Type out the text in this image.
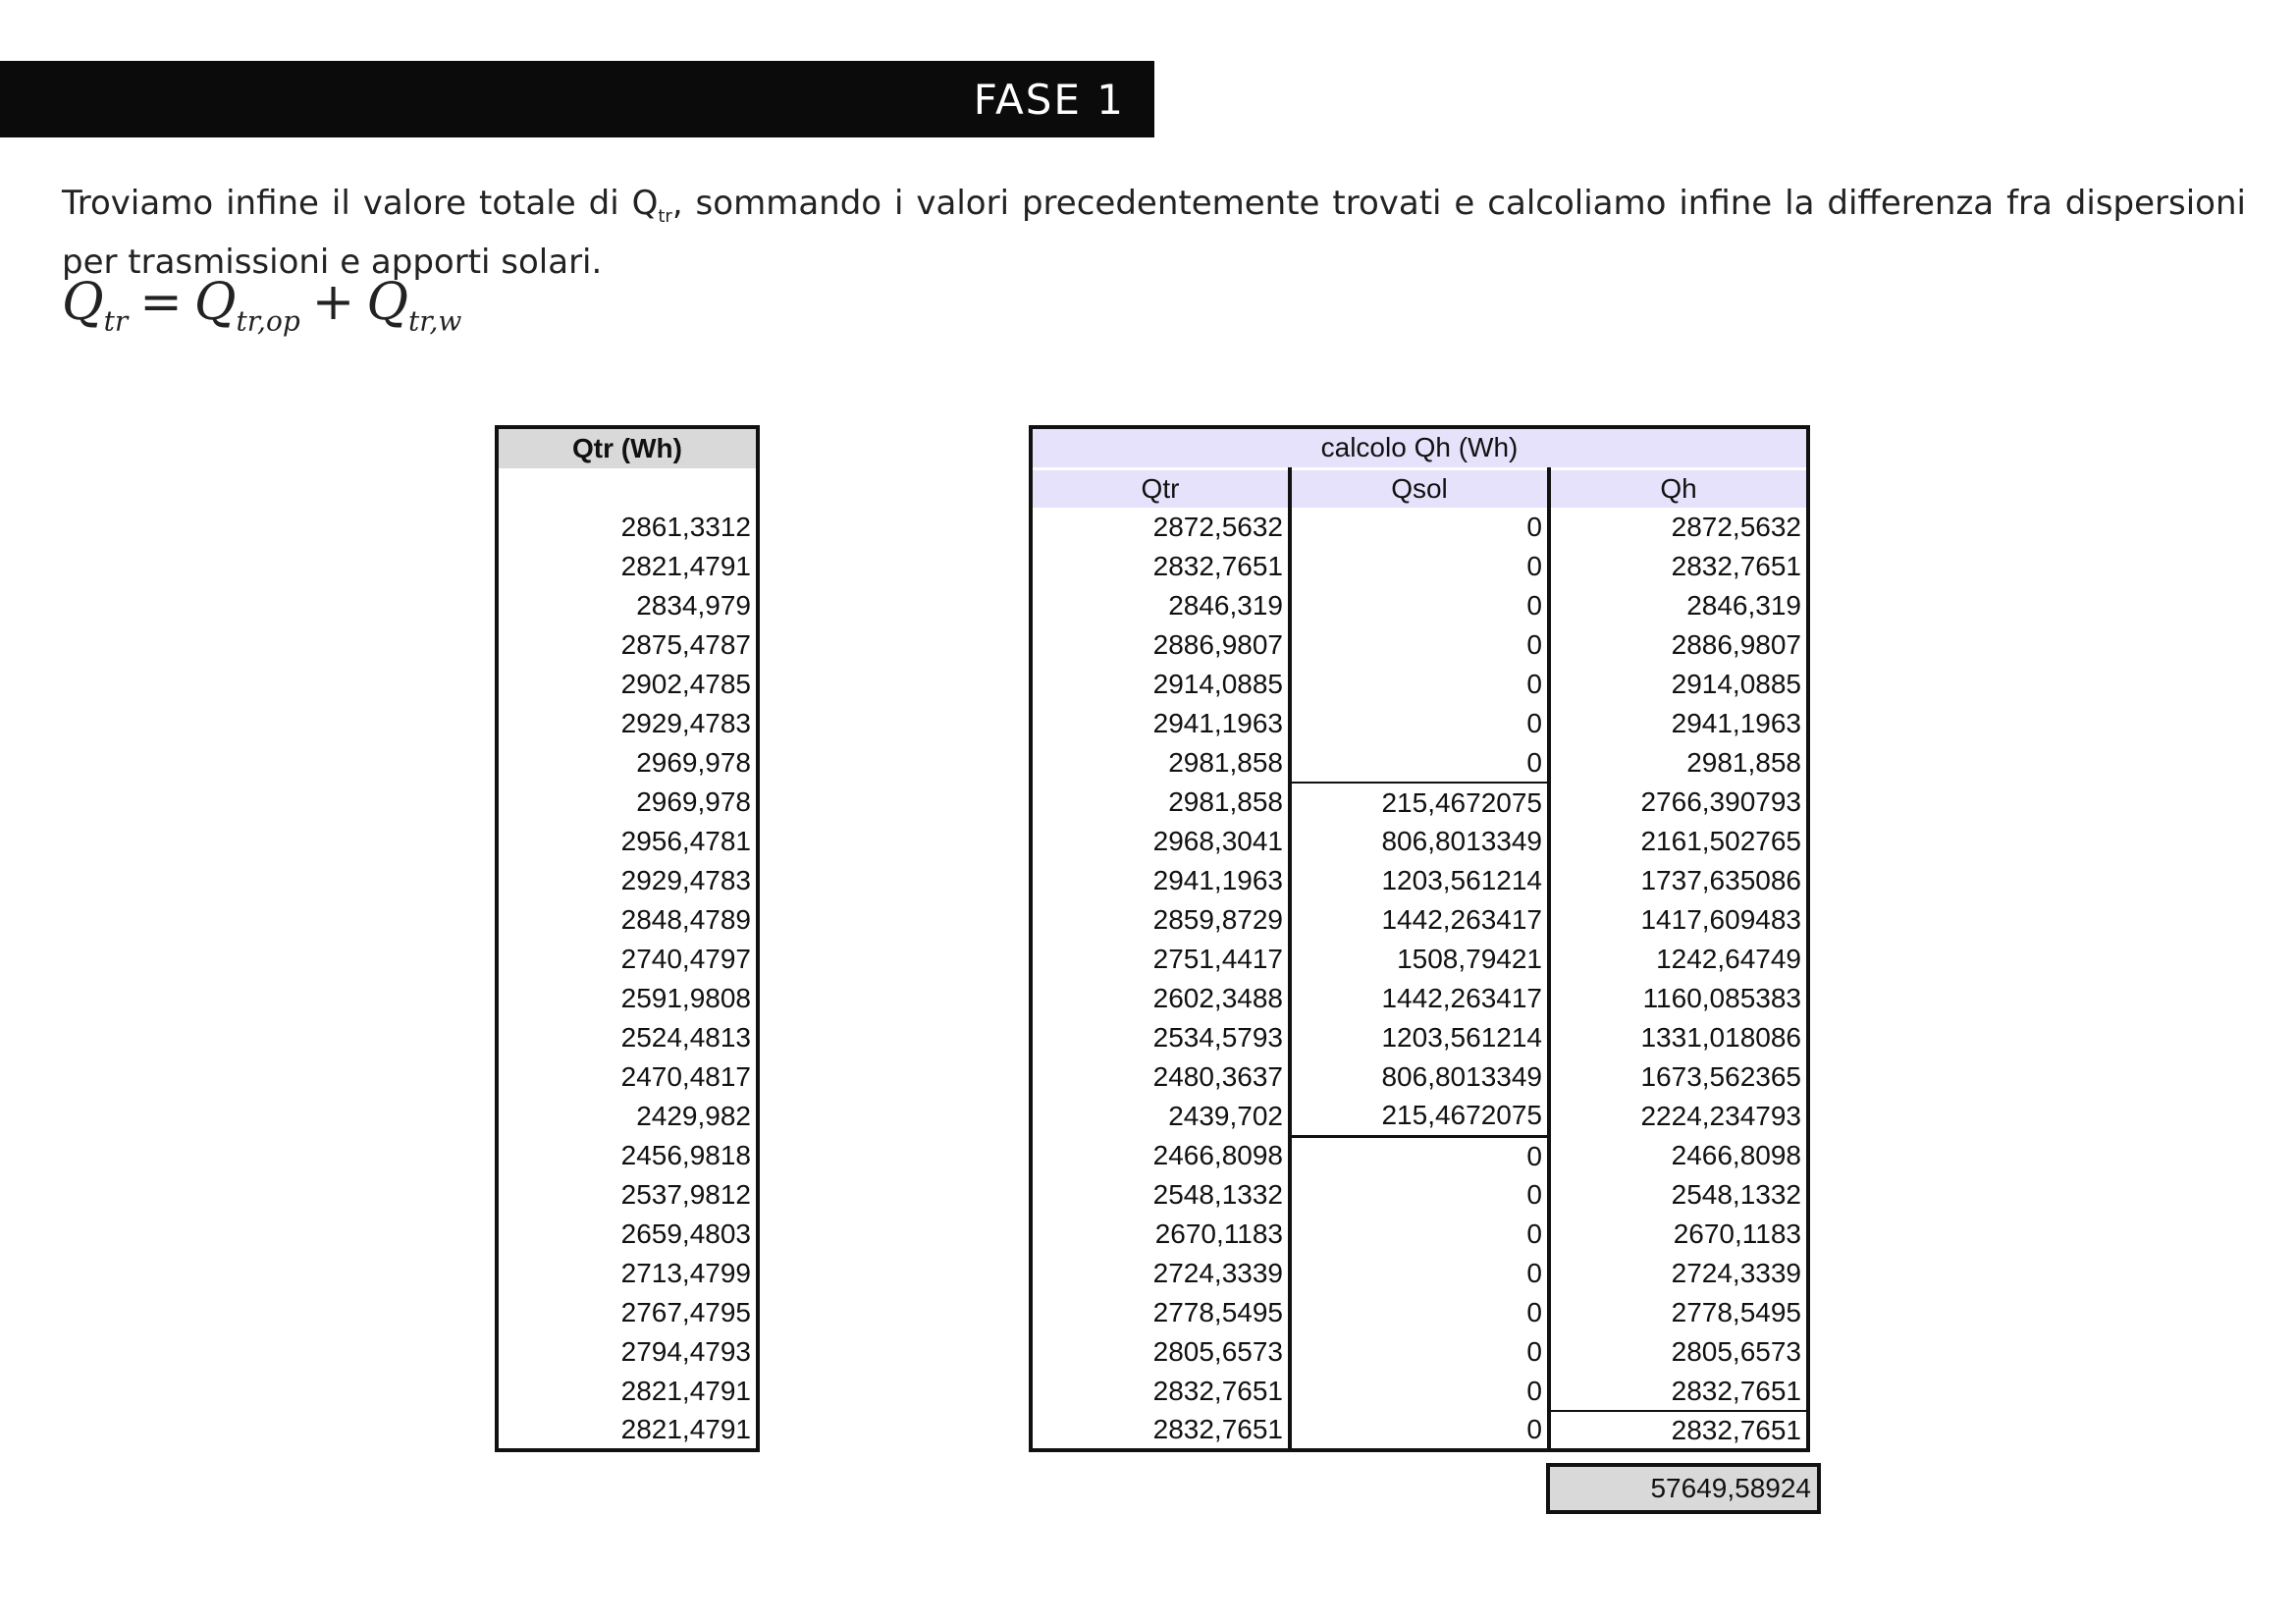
FASE 1
Troviamo infine il valore totale di $Q_{tr}$, sommando i valori precedentemente trovati e calcoliamo infine la differenza fra dispersioni per trasmissioni e apporti solari.
$Q_{tr} = Q_{tr,op} + Q_{tr,w}$
Qtr (Wh)

2861,3312
2821,4791
2834,979
2875,4787
2902,4785
2929,4783
2969,978
2969,978
2956,4781
2929,4783
2848,4789
2740,4797
2591,9808
2524,4813
2470,4817
2429,982
2456,9818
2537,9812
2659,4803
2713,4799
2767,4795
2794,4793
2821,4791
2821,4791
calcolo Qh (Wh)		
Qtr	Qsol	Qh
2872,5632	0	2872,5632
2832,7651	0	2832,7651
2846,319	0	2846,319
2886,9807	0	2886,9807
2914,0885	0	2914,0885
2941,1963	0	2941,1963
2981,858	0	2981,858
2981,858	215,4672075	2766,390793
2968,3041	806,8013349	2161,502765
2941,1963	1203,561214	1737,635086
2859,8729	1442,263417	1417,609483
2751,4417	1508,79421	1242,64749
2602,3488	1442,263417	1160,085383
2534,5793	1203,561214	1331,018086
2480,3637	806,8013349	1673,562365
2439,702	215,4672075	2224,234793
2466,8098	0	2466,8098
2548,1332	0	2548,1332
2670,1183	0	2670,1183
2724,3339	0	2724,3339
2778,5495	0	2778,5495
2805,6573	0	2805,6573
2832,7651	0	2832,7651
2832,7651	0	2832,7651
57649,58924
